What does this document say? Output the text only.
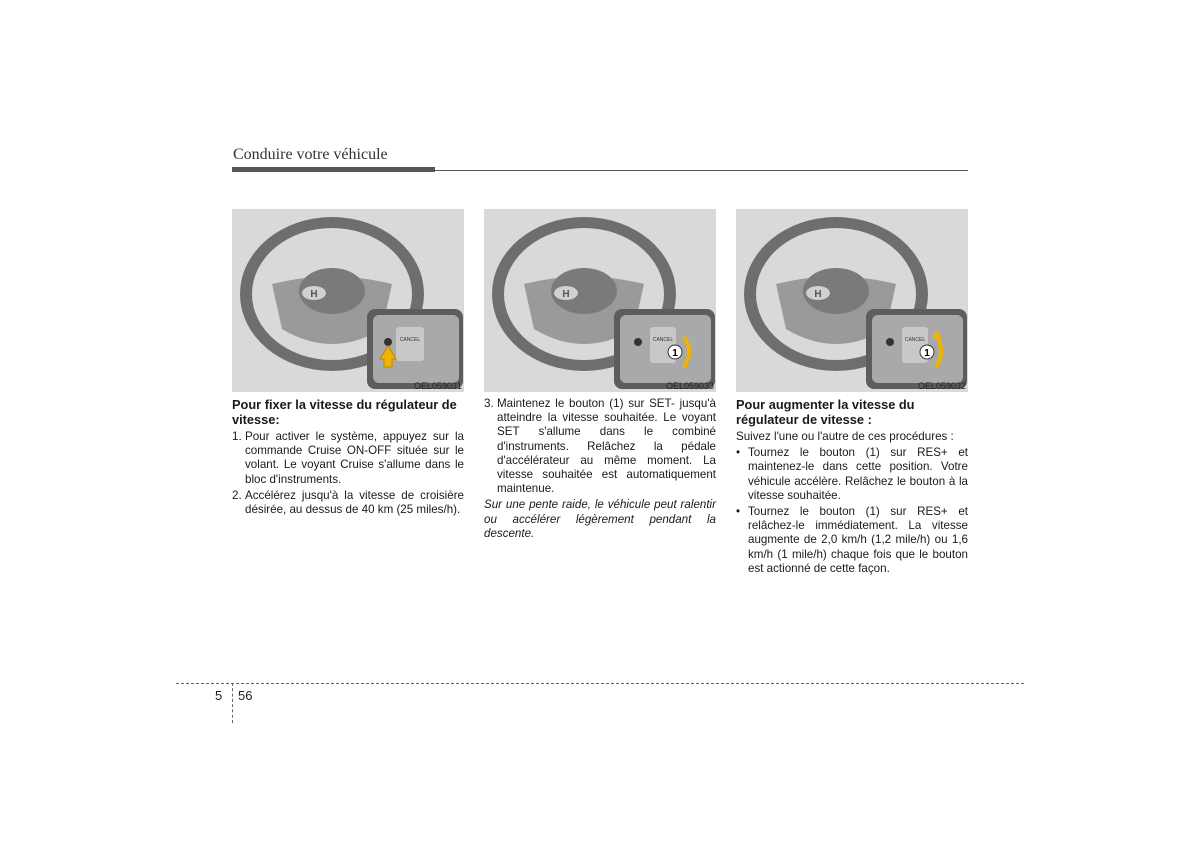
Conduire votre véhicule
H
CANCEL
OEL059031
H
CANCEL
1
OEL059033
H
CANCEL
1
OEL059032
Pour fixer la vitesse du régulateur de vitesse:
1. Pour activer le système, appuyez sur la commande Cruise ON-OFF située sur le volant. Le voyant Cruise s'allume dans le bloc d'instruments.
2. Accélérez jusqu'à la vitesse de croisière désirée, au dessus de 40 km (25 miles/h).
3. Maintenez le bouton (1) sur SET- jusqu'à atteindre la vitesse souhaitée. Le voyant SET s'allume dans le combiné d'instruments. Relâchez la pédale d'accélérateur au même moment. La vitesse souhaitée est automatiquement maintenue.
Sur une pente raide, le véhicule peut ralentir ou accélérer légèrement pendant la descente.
Pour augmenter la vitesse du régulateur de vitesse :
Suivez l'une ou l'autre de ces procédures :
• Tournez le bouton (1) sur RES+ et maintenez-le dans cette position. Votre véhicule accélère. Relâchez le bouton à la vitesse souhaitée.
• Tournez le bouton (1) sur RES+ et relâchez-le immédiatement. La vitesse augmente de 2,0 km/h (1,2 mile/h) ou 1,6 km/h (1 mile/h) chaque fois que le bouton est actionné de cette façon.
5 56
